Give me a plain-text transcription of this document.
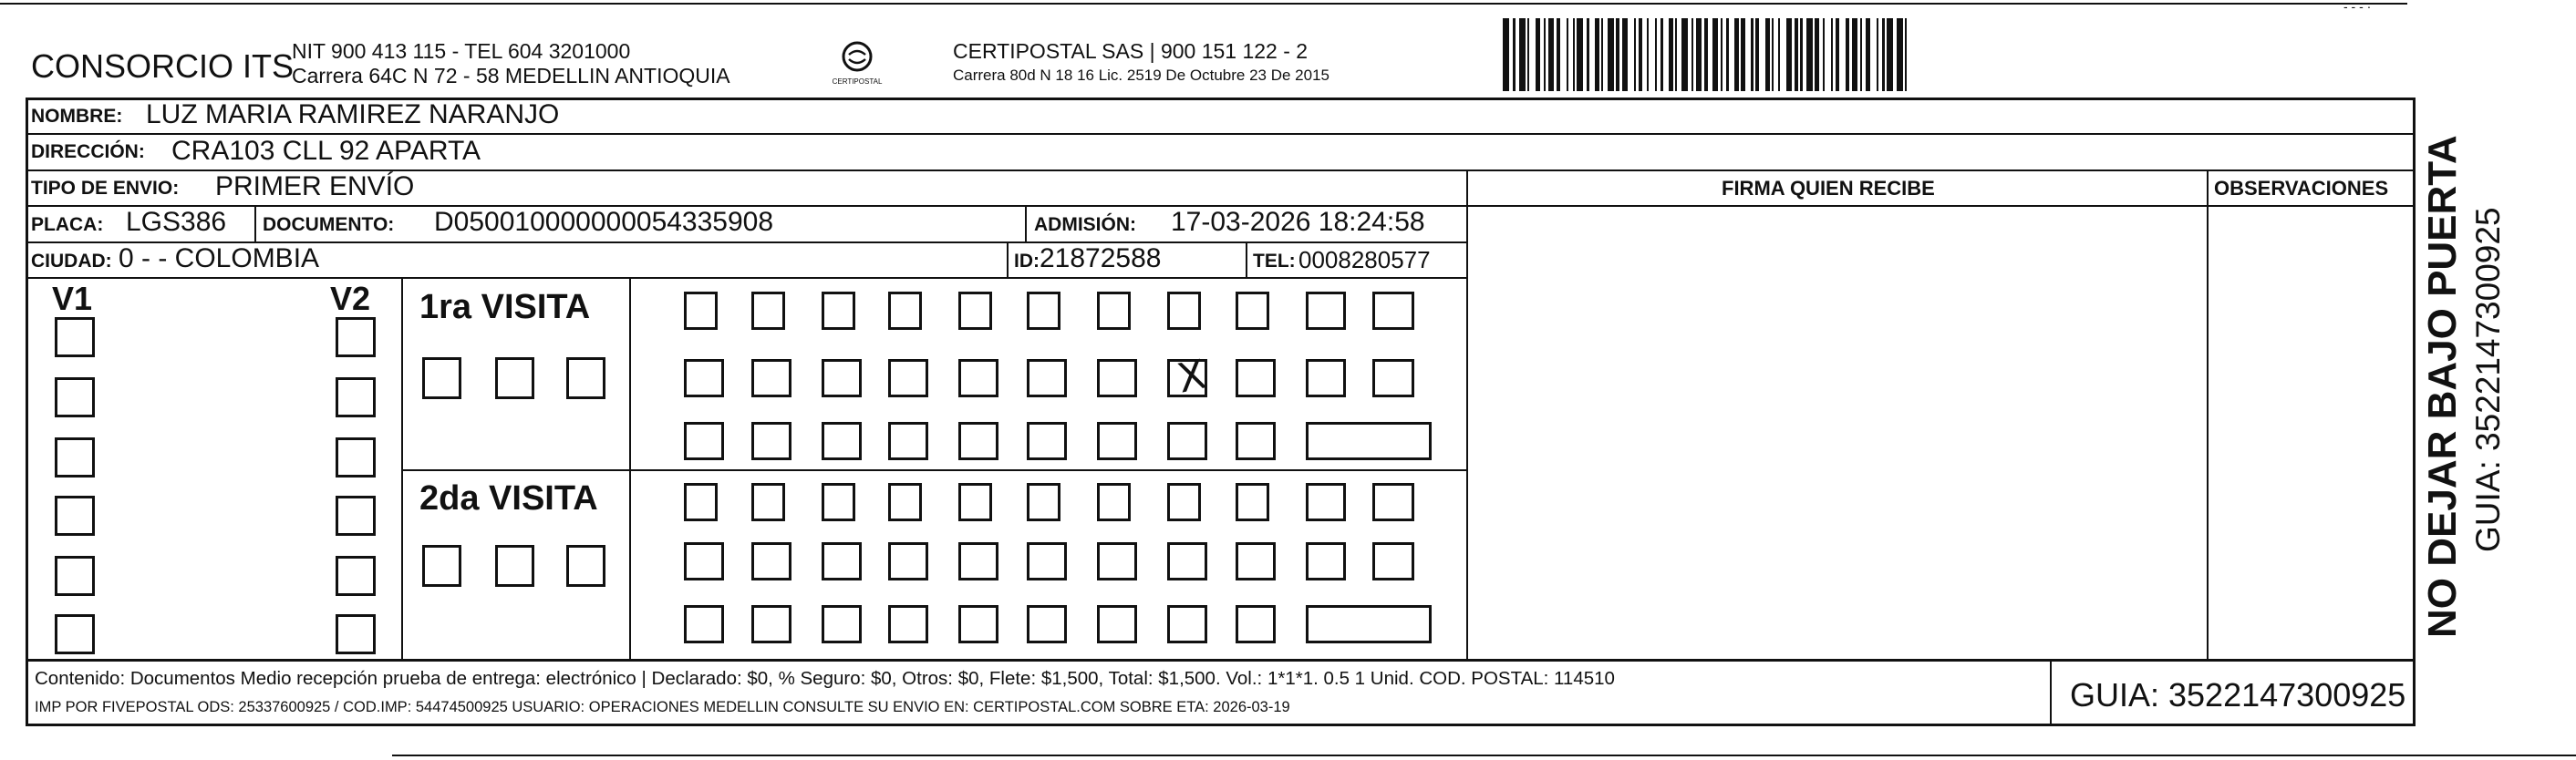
CONSORCIO ITS
NIT 900 413 115 - TEL 604 3201000
Carrera 64C N 72 - 58 MEDELLIN ANTIOQUIA	CERTIPOSTAL
CERTIPOSTAL SAS | 900 151 122 - 2
Carrera 80d N 18 16 Lic. 2519 De Octubre 23 De 2015
- - - ·
FIRMA QUIEN RECIBE	OBSERVACIONES
NOMBRE: LUZ MARIA RAMIREZ NARANJO
DIRECCIÓN: CRA103 CLL 92 APARTA
TIPO DE ENVIO: PRIMER ENVÍO
PLACA: LGS386 DOCUMENTO: D050010000000054335908	ADMISIÓN: 17-03-2026 18:24:58
CIUDAD: 0 - - COLOMBIA	ID: 21872588	TEL: 0008280577
V1	V2 1ra VISITA
2da VISITA
Contenido: Documentos Medio recepción prueba de entrega: electrónico | Declarado: $0, % Seguro: $0, Otros: $0, Flete: $1,500, Total: $1,500. Vol.: 1*1*1. 0.5 1 Unid. COD. POSTAL: 114510
IMP POR FIVEPOSTAL ODS: 25337600925 / COD.IMP: 54474500925 USUARIO: OPERACIONES MEDELLIN CONSULTE SU ENVIO EN: CERTIPOSTAL.COM SOBRE ETA: 2026-03-19	GUIA: 3522147300925
NO DEJAR BAJO PUERTA GUIA: 3522147300925
X
